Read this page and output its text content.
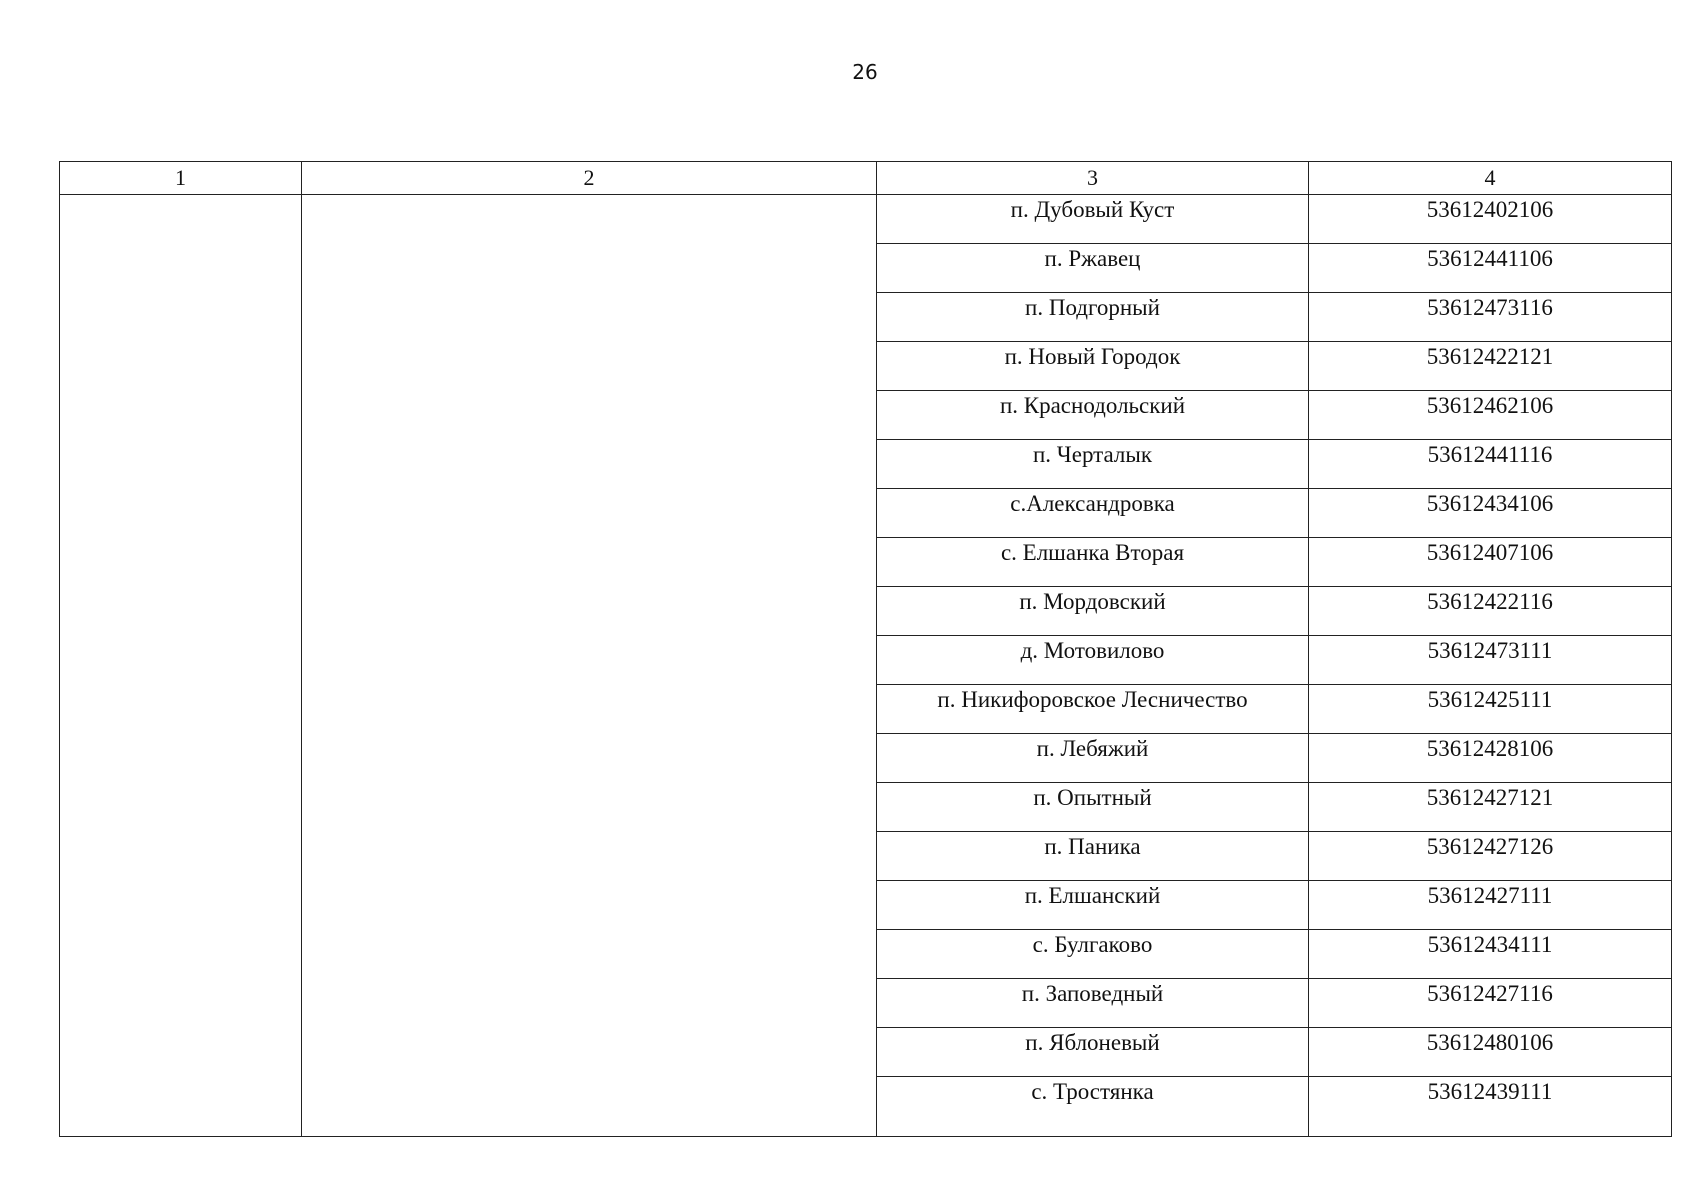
26
1	2	3	4
		п. Дубовый Куст	53612402106
		п. Ржавец	53612441106
		п. Подгорный	53612473116
		п. Новый Городок	53612422121
		п. Краснодольский	53612462106
		п. Черталык	53612441116
		с.Александровка	53612434106
		с. Елшанка Вторая	53612407106
		п. Мордовский	53612422116
		д. Мотовилово	53612473111
		п. Никифоровское Лесничество	53612425111
		п. Лебяжий	53612428106
		п. Опытный	53612427121
		п. Паника	53612427126
		п. Елшанский	53612427111
		с. Булгаково	53612434111
		п. Заповедный	53612427116
		п. Яблоневый	53612480106
		с. Тростянка	53612439111
